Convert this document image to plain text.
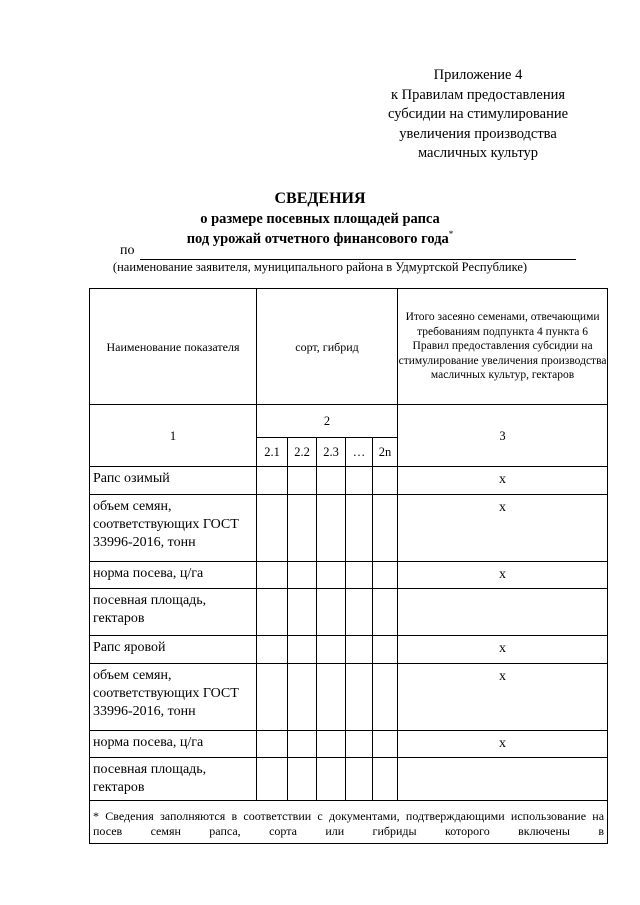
Приложение 4
к Правилам предоставления
субсидии на стимулирование
увеличения производства
масличных культур
СВЕДЕНИЯ
о размере посевных площадей рапса
под урожай отчетного финансового года*
по
(наименование заявителя, муниципального района в Удмуртской Республике)
Наименование показателя	сорт, гибрид					Итого засеяно семенами, отвечающими требованиям подпункта 4 пункта 6 Правил предоставления субсидии на стимулирование увеличения производства масличных культур, гектаров
1	2					3
	2.1	2.2	2.3	…	2n	
Рапс озимый						х
объем семян, соответствующих ГОСТ 33996-2016, тонн						х
норма посева, ц/га						х
посевная площадь, гектаров						
Рапс яровой						х
объем семян, соответствующих ГОСТ 33996-2016, тонн						х
норма посева, ц/га						х
посевная площадь, гектаров						
* Сведения заполняются в соответствии с документами, подтверждающими использование на посев семян рапса, сорта или гибриды которого включены в						
